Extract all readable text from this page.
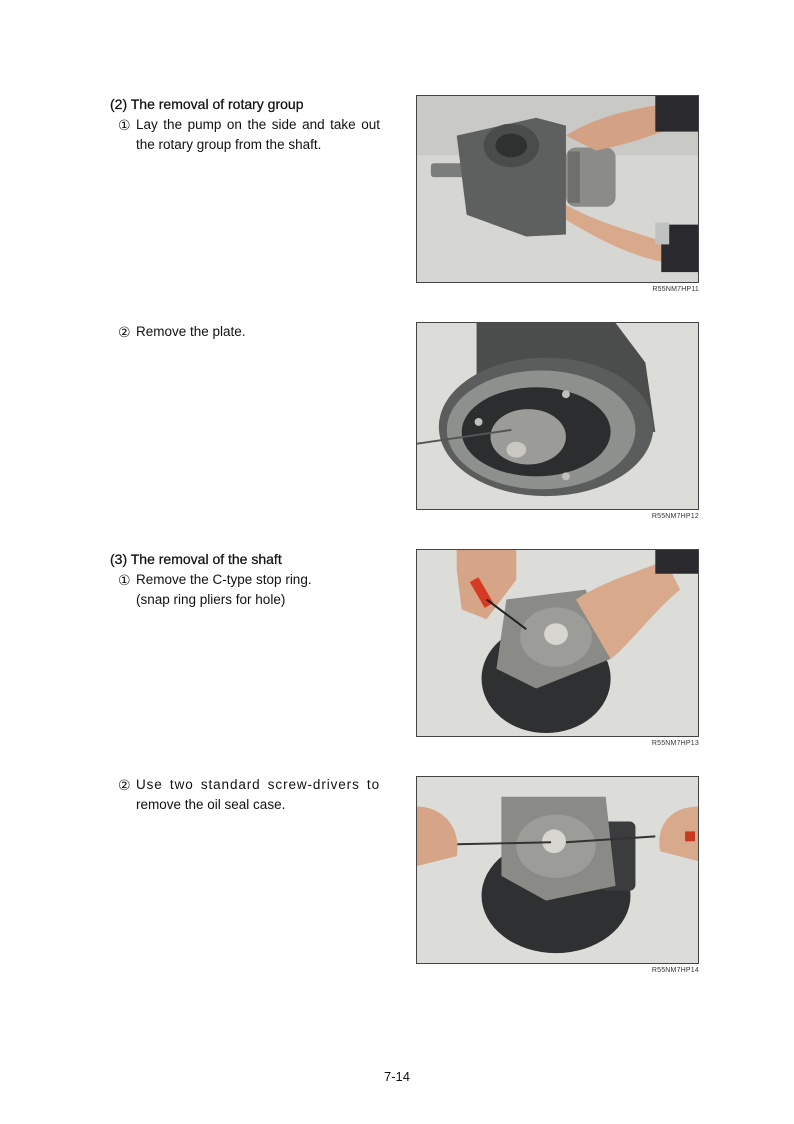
(2) The removal of rotary group
① Lay the pump on the side and take out
the rotary group from the shaft.
R55NM7HP11
② Remove the plate.
R55NM7HP12
(3) The removal of the shaft
① Remove the C-type stop ring.
(snap ring pliers for hole)
R55NM7HP13
② Use two standard screw-drivers to
remove the oil seal case.
R55NM7HP14
7-14
